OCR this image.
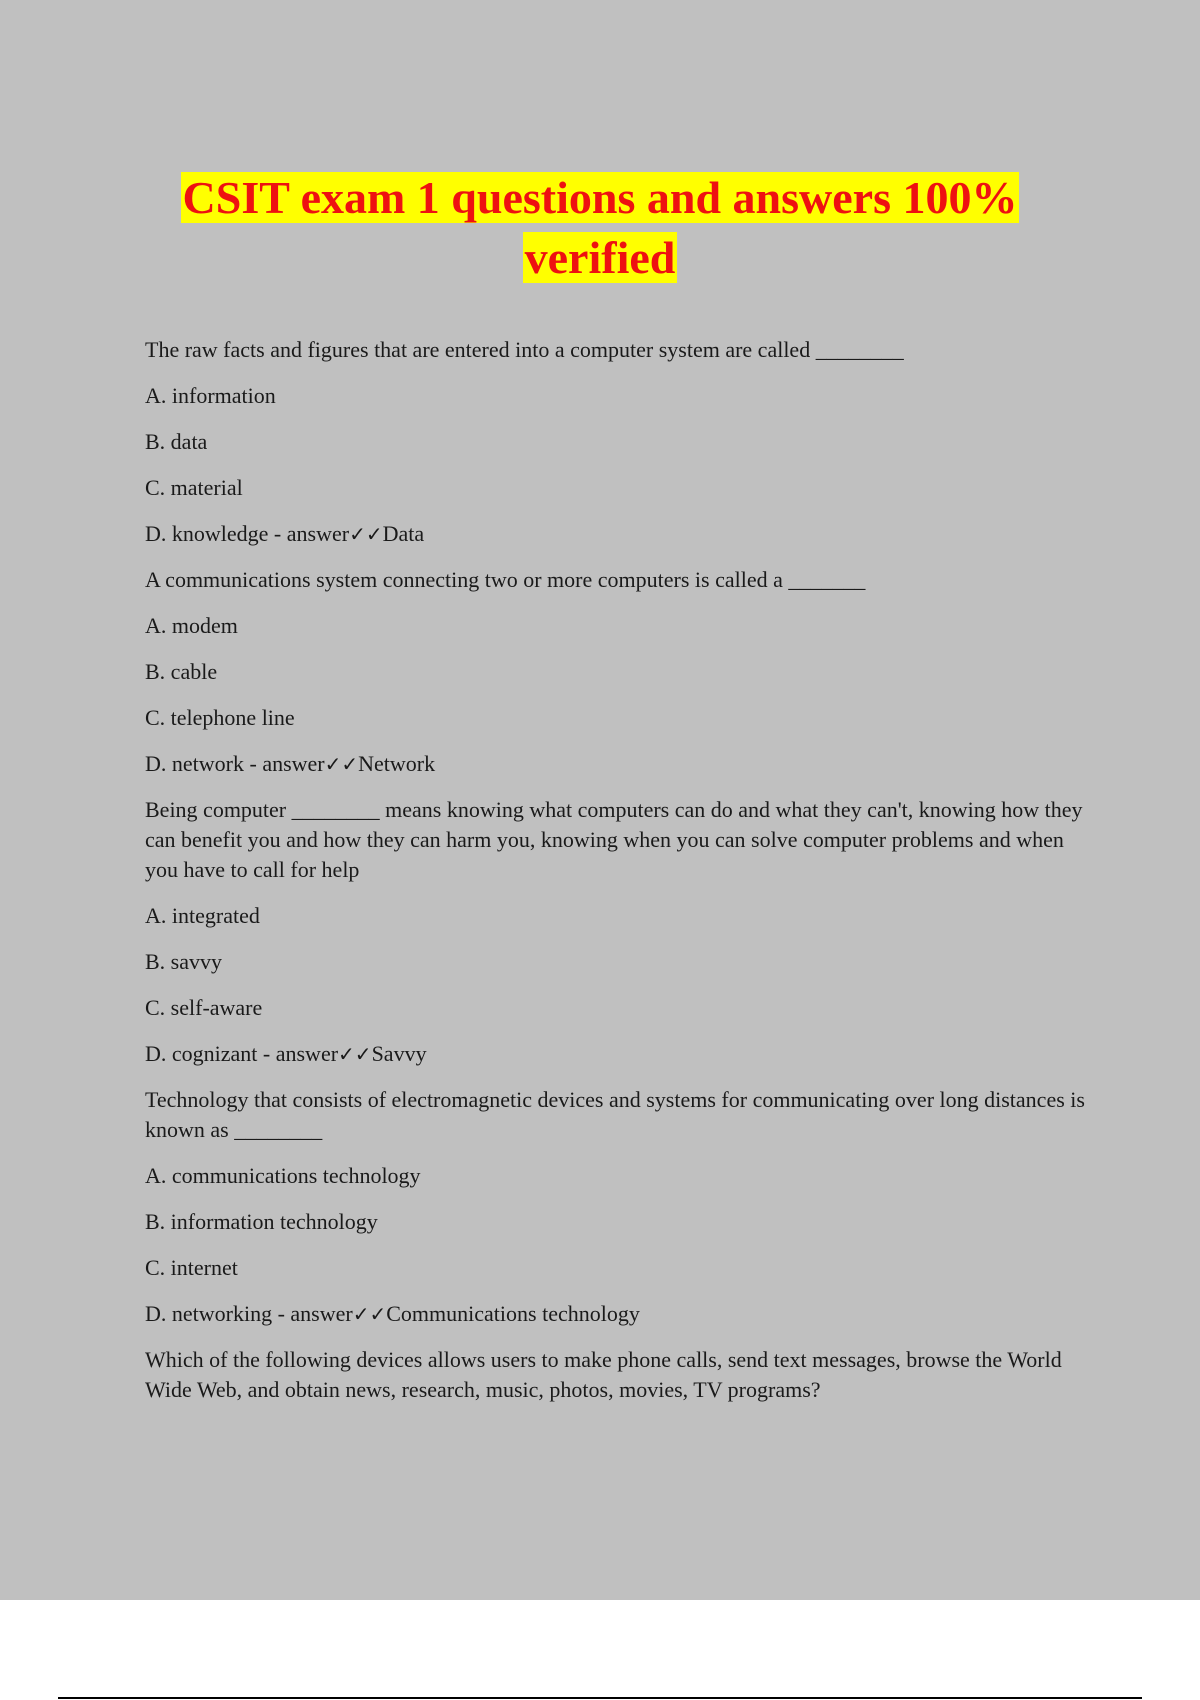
CSIT exam 1 questions and answers 100%
verified

The raw facts and figures that are entered into a computer system are called ________

A. information

B. data

C. material

D. knowledge - answer✓✓Data

A communications system connecting two or more computers is called a _______

A. modem

B. cable

C. telephone line

D. network - answer✓✓Network

Being computer ________ means knowing what computers can do and what they can't, knowing how they can benefit you and how they can harm you, knowing when you can solve computer problems and when you have to call for help

A. integrated

B. savvy

C. self-aware

D. cognizant - answer✓✓Savvy

Technology that consists of electromagnetic devices and systems for communicating over long distances is known as ________

A. communications technology

B. information technology

C. internet

D. networking - answer✓✓Communications technology

Which of the following devices allows users to make phone calls, send text messages, browse the World Wide Web, and obtain news, research, music, photos, movies, TV programs?
